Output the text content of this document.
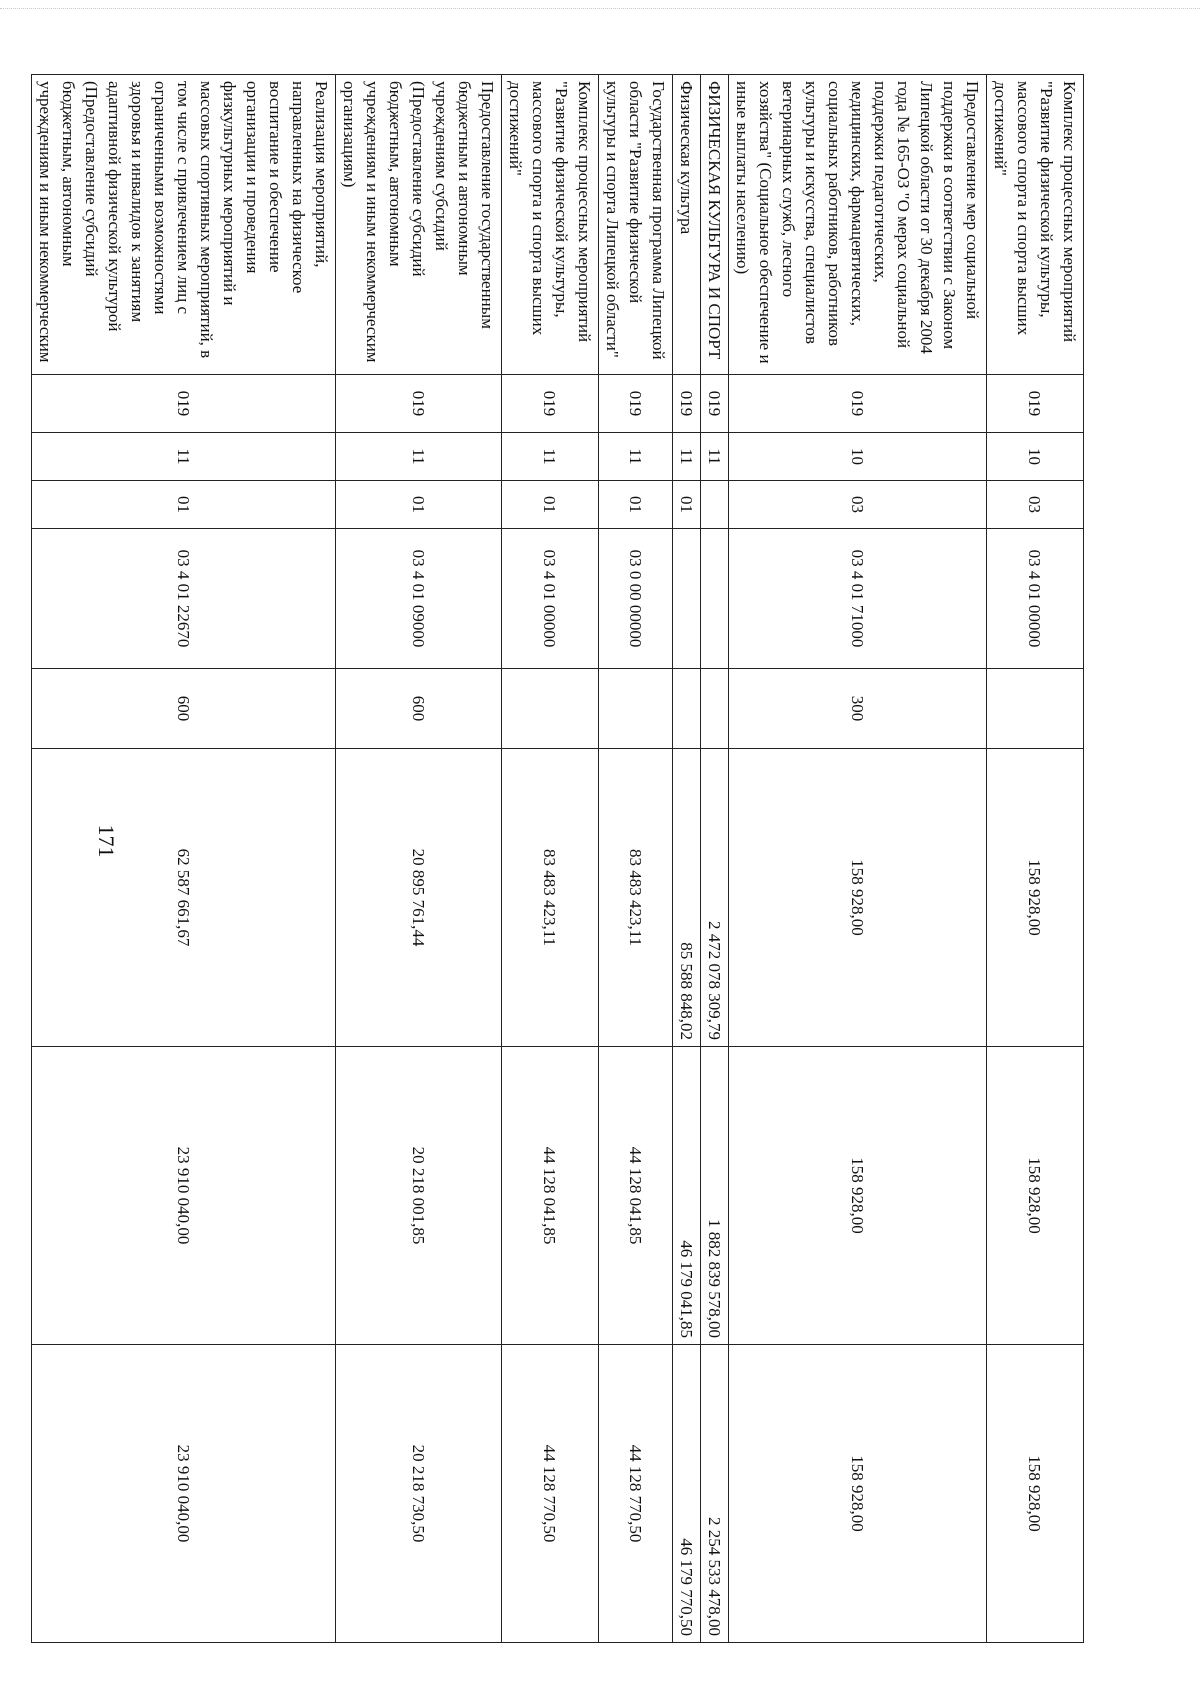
171
Комплекс процессных мероприятий "Развитие физической культуры, массового спорта и спорта высших достижений"	019	10	03	03 4 01 00000		158 928,00	158 928,00	158 928,00
Предоставление мер социальной поддержки в соответствии с Законом Липецкой области от 30 декабря 2004 года № 165-ОЗ "О мерах социальной поддержки педагогических, медицинских, фармацевтических, социальных работников, работников культуры и искусства, специалистов ветеринарных служб, лесного хозяйства" (Социальное обеспечение и иные выплаты населению)	019	10	03	03 4 01 71000	300	158 928,00	158 928,00	158 928,00
ФИЗИЧЕСКАЯ КУЛЬТУРА И СПОРТ	019	11				2 472 078 309,79	1 882 839 578,00	2 254 533 478,00
Физическая культура	019	11	01			85 588 848,02	46 179 041,85	46 179 770,50
Государственная программа Липецкой области "Развитие физической культуры и спорта Липецкой области"	019	11	01	03 0 00 00000		83 483 423,11	44 128 041,85	44 128 770,50
Комплекс процессных мероприятий "Развитие физической культуры, массового спорта и спорта высших достижений"	019	11	01	03 4 01 00000		83 483 423,11	44 128 041,85	44 128 770,50
Предоставление государственным бюджетным и автономным учреждениям субсидий (Предоставление субсидий бюджетным, автономным учреждениям и иным некоммерческим организациям)	019	11	01	03 4 01 09000	600	20 895 761,44	20 218 001,85	20 218 730,50
Реализация мероприятий, направленных на физическое воспитание и обеспечение организации и проведения физкультурных мероприятий и массовых спортивных мероприятий, в том числе с привлечением лиц с ограниченными возможностями здоровья и инвалидов к занятиям адаптивной физической культурой (Предоставление субсидий бюджетным, автономным учреждениям и иным некоммерческим	019	11	01	03 4 01 22670	600	62 587 661,67	23 910 040,00	23 910 040,00
